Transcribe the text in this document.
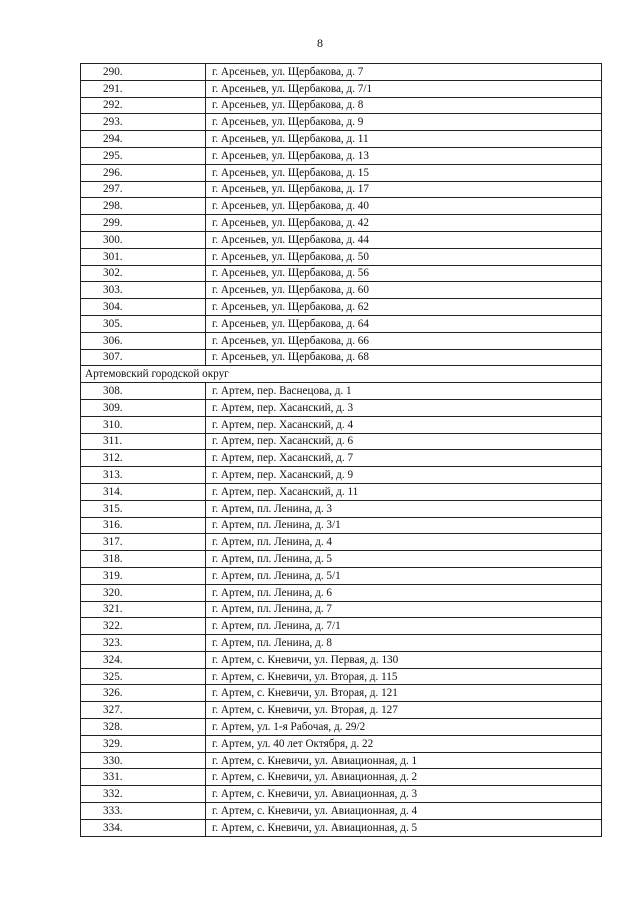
8
290.	г. Арсеньев, ул. Щербакова, д. 7
291.	г. Арсеньев, ул. Щербакова, д. 7/1
292.	г. Арсеньев, ул. Щербакова, д. 8
293.	г. Арсеньев, ул. Щербакова, д. 9
294.	г. Арсеньев, ул. Щербакова, д. 11
295.	г. Арсеньев, ул. Щербакова, д. 13
296.	г. Арсеньев, ул. Щербакова, д. 15
297.	г. Арсеньев, ул. Щербакова, д. 17
298.	г. Арсеньев, ул. Щербакова, д. 40
299.	г. Арсеньев, ул. Щербакова, д. 42
300.	г. Арсеньев, ул. Щербакова, д. 44
301.	г. Арсеньев, ул. Щербакова, д. 50
302.	г. Арсеньев, ул. Щербакова, д. 56
303.	г. Арсеньев, ул. Щербакова, д. 60
304.	г. Арсеньев, ул. Щербакова, д. 62
305.	г. Арсеньев, ул. Щербакова, д. 64
306.	г. Арсеньев, ул. Щербакова, д. 66
307.	г. Арсеньев, ул. Щербакова, д. 68
Артемовский городской округ	
308.	г. Артем, пер. Васнецова, д. 1
309.	г. Артем, пер. Хасанский, д. 3
310.	г. Артем, пер. Хасанский, д. 4
311.	г. Артем, пер. Хасанский, д. 6
312.	г. Артем, пер. Хасанский, д. 7
313.	г. Артем, пер. Хасанский, д. 9
314.	г. Артем, пер. Хасанский, д. 11
315.	г. Артем, пл. Ленина, д. 3
316.	г. Артем, пл. Ленина, д. 3/1
317.	г. Артем, пл. Ленина, д. 4
318.	г. Артем, пл. Ленина, д. 5
319.	г. Артем, пл. Ленина, д. 5/1
320.	г. Артем, пл. Ленина, д. 6
321.	г. Артем, пл. Ленина, д. 7
322.	г. Артем, пл. Ленина, д. 7/1
323.	г. Артем, пл. Ленина, д. 8
324.	г. Артем, с. Кневичи, ул. Первая, д. 130
325.	г. Артем, с. Кневичи, ул. Вторая, д. 115
326.	г. Артем, с. Кневичи, ул. Вторая, д. 121
327.	г. Артем, с. Кневичи, ул. Вторая, д. 127
328.	г. Артем, ул. 1-я Рабочая, д. 29/2
329.	г. Артем, ул. 40 лет Октября, д. 22
330.	г. Артем, с. Кневичи, ул. Авиационная, д. 1
331.	г. Артем, с. Кневичи, ул. Авиационная, д. 2
332.	г. Артем, с. Кневичи, ул. Авиационная, д. 3
333.	г. Артем, с. Кневичи, ул. Авиационная, д. 4
334.	г. Артем, с. Кневичи, ул. Авиационная, д. 5
